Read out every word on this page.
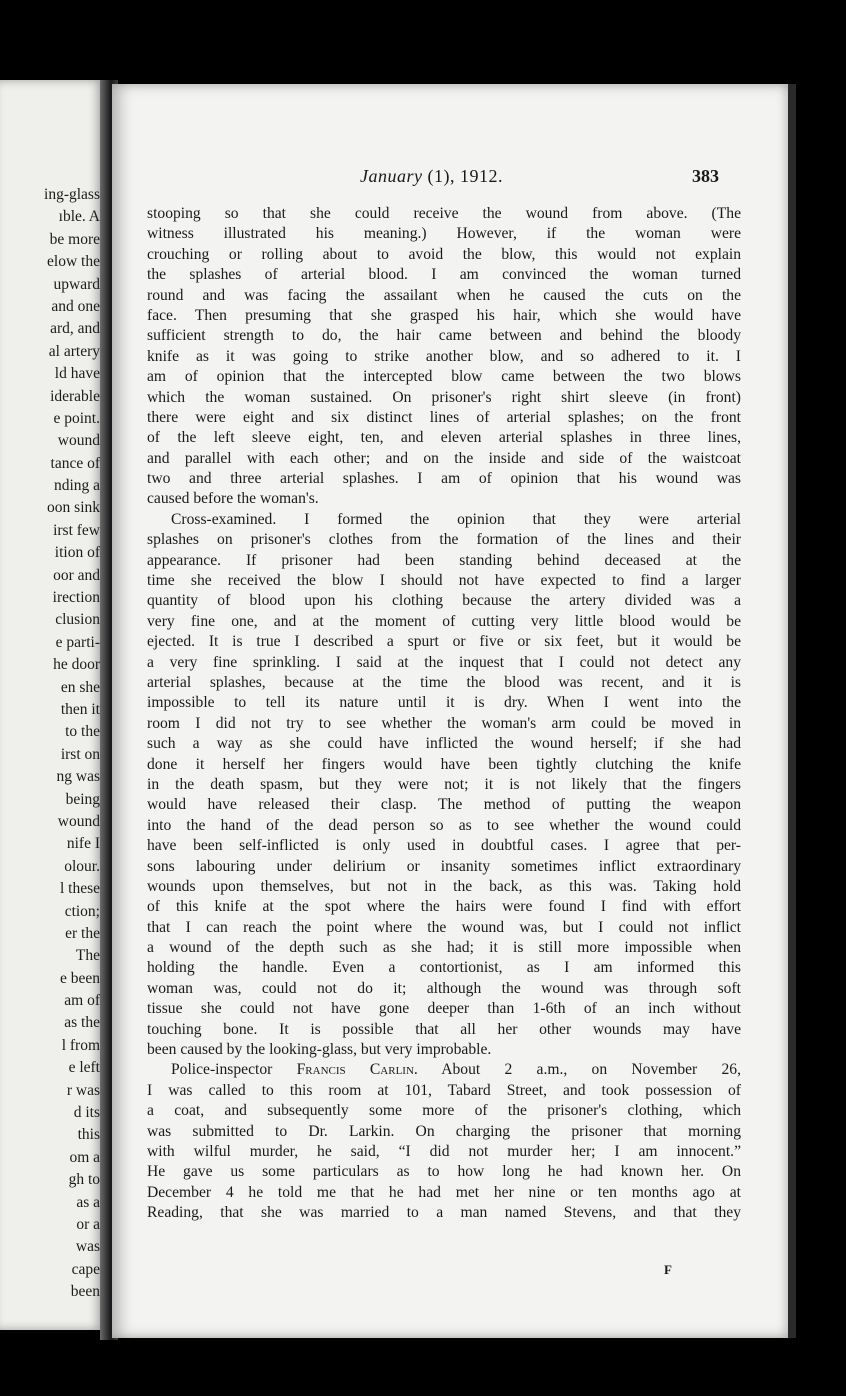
ing-glass
ıble. A
be more
elow the
upward
and one
ard, and
al artery
ld have
iderable
e point.
wound
tance of
nding a
oon sink
irst few
ition of
oor and
irection
clusion
e parti-
he door
en she
then it
to the
irst on
ng was
being
wound
nife I
olour.
l these
ction;
er the
The
e been
am of
as the
l from
e left
r was
d its
this
om a
gh to
as a
or a
was
cape
been
January (1), 1912.	383
stooping so that she could receive the wound from above. (The
witness illustrated his meaning.) However, if the woman were
crouching or rolling about to avoid the blow, this would not explain
the splashes of arterial blood. I am convinced the woman turned
round and was facing the assailant when he caused the cuts on the
face. Then presuming that she grasped his hair, which she would have
sufficient strength to do, the hair came between and behind the bloody
knife as it was going to strike another blow, and so adhered to it. I
am of opinion that the intercepted blow came between the two blows
which the woman sustained. On prisoner's right shirt sleeve (in front)
there were eight and six distinct lines of arterial splashes; on the front
of the left sleeve eight, ten, and eleven arterial splashes in three lines,
and parallel with each other; and on the inside and side of the waistcoat
two and three arterial splashes. I am of opinion that his wound was
caused before the woman's.
Cross-examined. I formed the opinion that they were arterial
splashes on prisoner's clothes from the formation of the lines and their
appearance. If prisoner had been standing behind deceased at the
time she received the blow I should not have expected to find a larger
quantity of blood upon his clothing because the artery divided was a
very fine one, and at the moment of cutting very little blood would be
ejected. It is true I described a spurt or five or six feet, but it would be
a very fine sprinkling. I said at the inquest that I could not detect any
arterial splashes, because at the time the blood was recent, and it is
impossible to tell its nature until it is dry. When I went into the
room I did not try to see whether the woman's arm could be moved in
such a way as she could have inflicted the wound herself; if she had
done it herself her fingers would have been tightly clutching the knife
in the death spasm, but they were not; it is not likely that the fingers
would have released their clasp. The method of putting the weapon
into the hand of the dead person so as to see whether the wound could
have been self-inflicted is only used in doubtful cases. I agree that per-
sons labouring under delirium or insanity sometimes inflict extraordinary
wounds upon themselves, but not in the back, as this was. Taking hold
of this knife at the spot where the hairs were found I find with effort
that I can reach the point where the wound was, but I could not inflict
a wound of the depth such as she had; it is still more impossible when
holding the handle. Even a contortionist, as I am informed this
woman was, could not do it; although the wound was through soft
tissue she could not have gone deeper than 1-6th of an inch without
touching bone. It is possible that all her other wounds may have
been caused by the looking-glass, but very improbable.
Police-inspector Francis Carlin. About 2 a.m., on November 26,
I was called to this room at 101, Tabard Street, and took possession of
a coat, and subsequently some more of the prisoner's clothing, which
was submitted to Dr. Larkin. On charging the prisoner that morning
with wilful murder, he said, “I did not murder her; I am innocent.”
He gave us some particulars as to how long he had known her. On
December 4 he told me that he had met her nine or ten months ago at
Reading, that she was married to a man named Stevens, and that they
F
